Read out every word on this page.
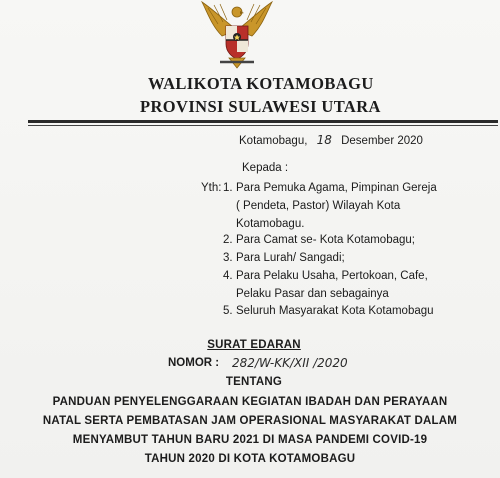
WALIKOTA KOTAMOBAGU
PROVINSI SULAWESI UTARA
Kotamobagu, 18 Desember 2020
Kepada :
Yth: 1. Para Pemuka Agama, Pimpinan Gereja
( Pendeta, Pastor) Wilayah Kota
Kotamobagu.
2. Para Camat se- Kota Kotamobagu;
3. Para Lurah/ Sangadi;
4. Para Pelaku Usaha, Pertokoan, Cafe,
Pelaku Pasar dan sebagainya
5. Seluruh Masyarakat Kota Kotamobagu
SURAT EDARAN
NOMOR : 282/W-KK/XII /2020
TENTANG
PANDUAN PENYELENGGARAAN KEGIATAN IBADAH DAN PERAYAAN
NATAL SERTA PEMBATASAN JAM OPERASIONAL MASYARAKAT DALAM
MENYAMBUT TAHUN BARU 2021 DI MASA PANDEMI COVID-19
TAHUN 2020 DI KOTA KOTAMOBAGU
